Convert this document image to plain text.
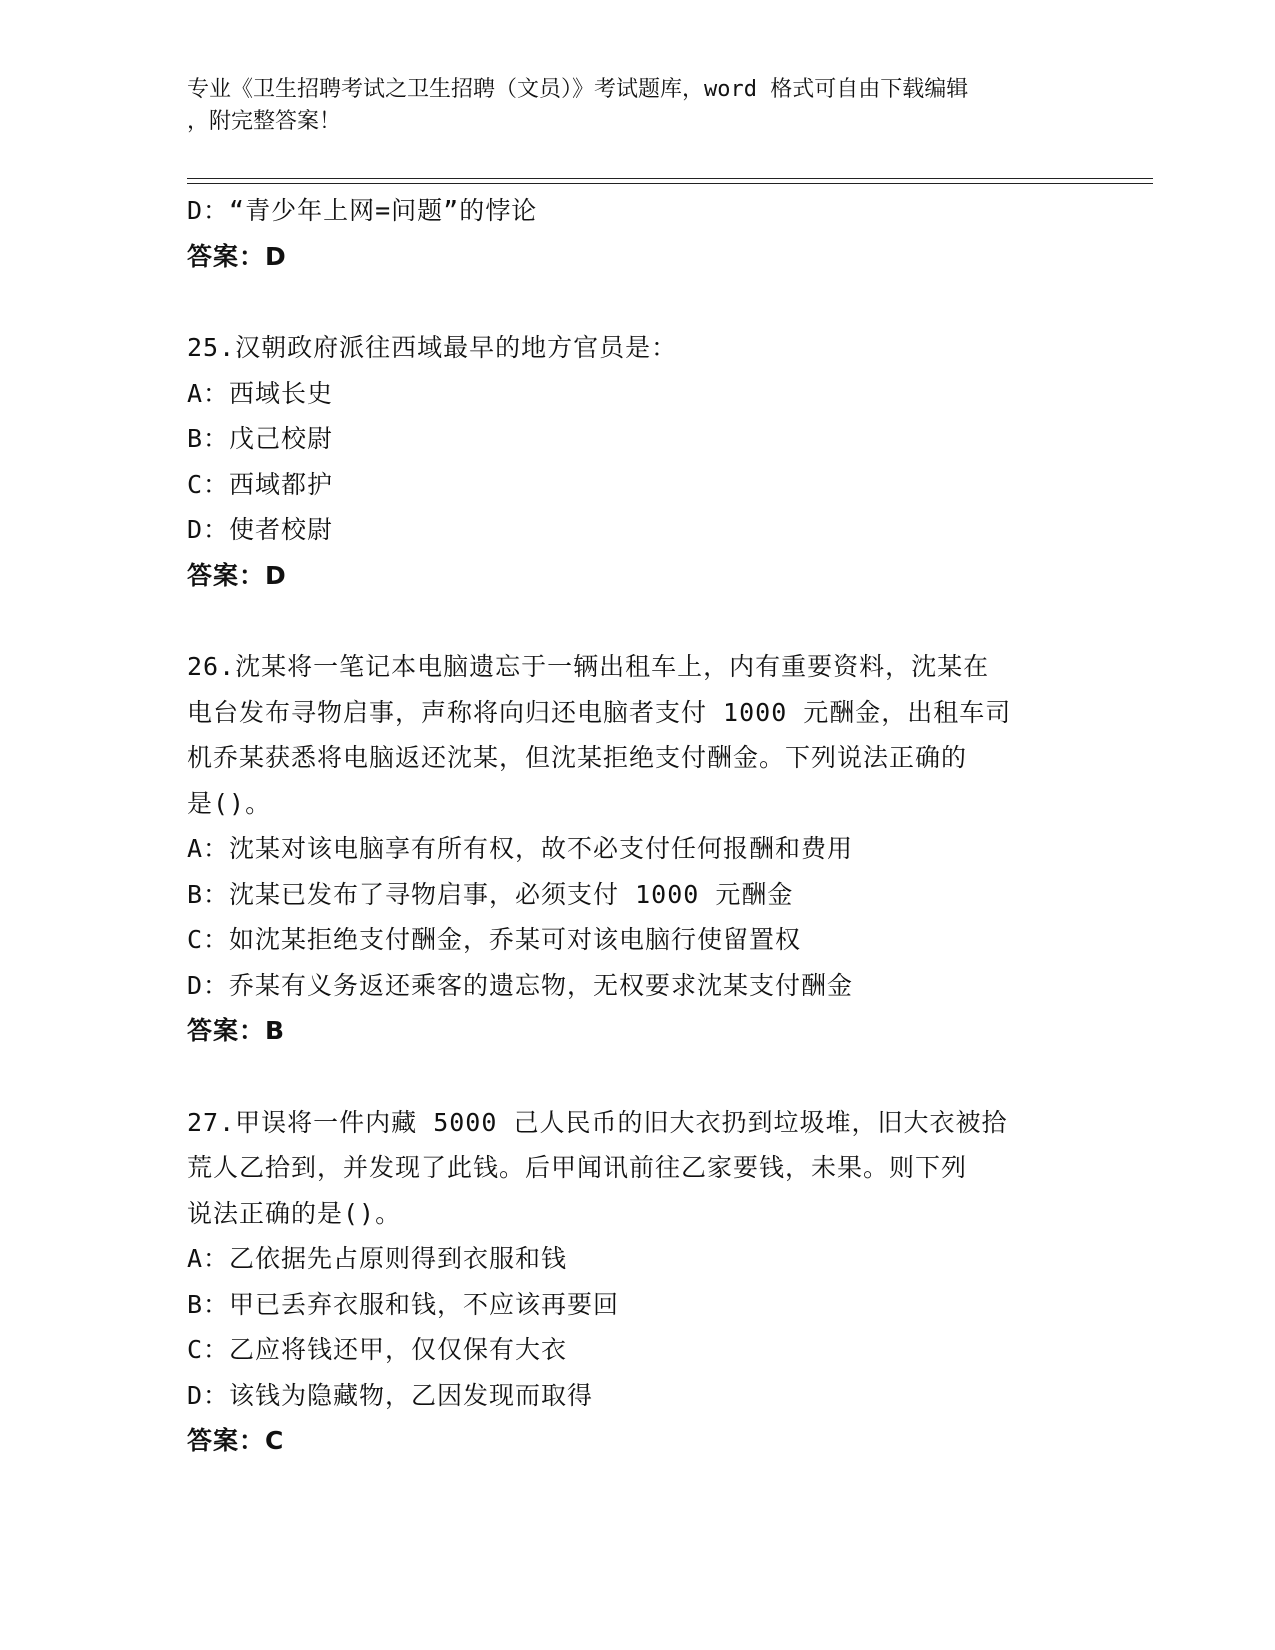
专业《卫生招聘考试之卫生招聘（文员）》考试题库，word 格式可自由下载编辑
，附完整答案！
D：“青少年上网=问题”的悖论
答案：D
25.汉朝政府派往西域最早的地方官员是：
A：西域长史
B：戊己校尉
C：西域都护
D：使者校尉
答案：D
26.沈某将一笔记本电脑遗忘于一辆出租车上，内有重要资料，沈某在
电台发布寻物启事，声称将向归还电脑者支付 1000 元酬金，出租车司
机乔某获悉将电脑返还沈某，但沈某拒绝支付酬金。下列说法正确的
是()。
A：沈某对该电脑享有所有权，故不必支付任何报酬和费用
B：沈某已发布了寻物启事，必须支付 1000 元酬金
C：如沈某拒绝支付酬金，乔某可对该电脑行使留置权
D：乔某有义务返还乘客的遗忘物，无权要求沈某支付酬金
答案：B
27.甲误将一件内藏 5000 己人民币的旧大衣扔到垃圾堆，旧大衣被拾
荒人乙拾到，并发现了此钱。后甲闻讯前往乙家要钱，未果。则下列
说法正确的是()。
A：乙依据先占原则得到衣服和钱
B：甲已丢弃衣服和钱，不应该再要回
C：乙应将钱还甲，仅仅保有大衣
D：该钱为隐藏物，乙因发现而取得
答案：C
